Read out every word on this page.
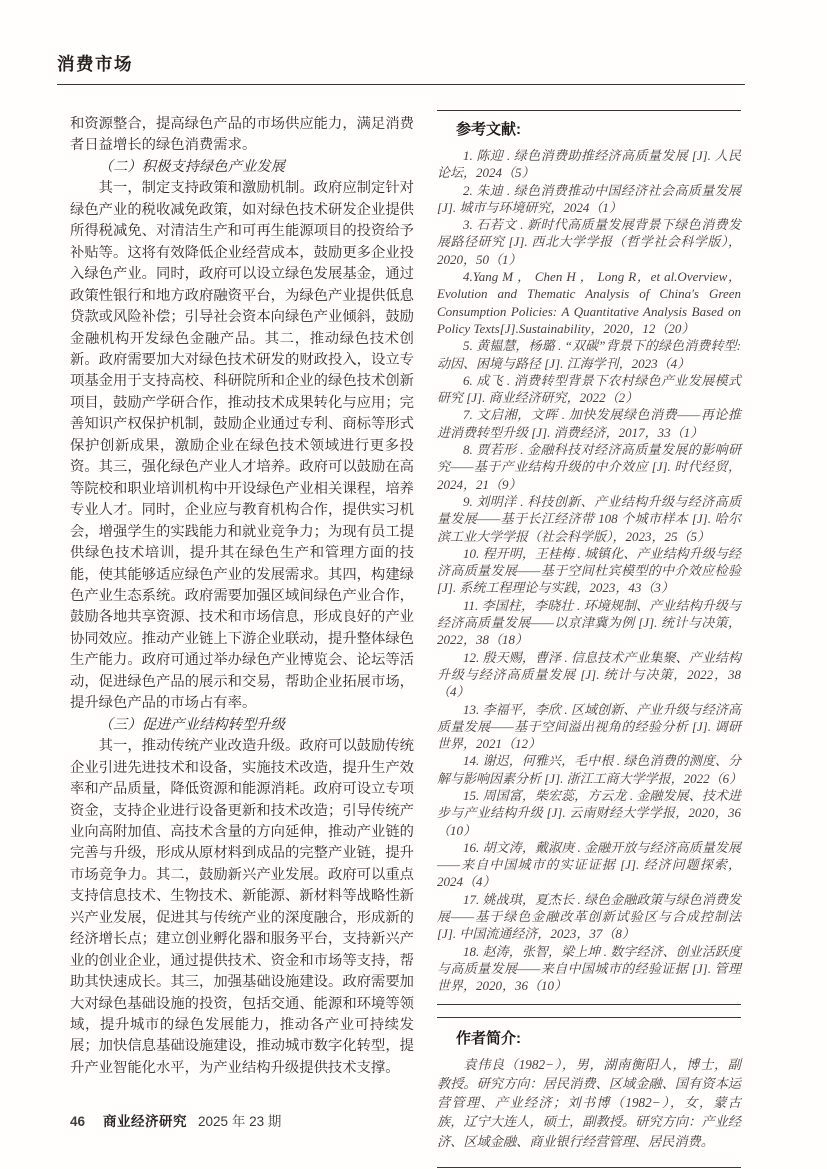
消费市场

和资源整合，提高绿色产品的市场供应能力，满足消费者日益增长的绿色消费需求。

（二）积极支持绿色产业发展

其一，制定支持政策和激励机制。政府应制定针对绿色产业的税收减免政策，如对绿色技术研发企业提供所得税减免、对清洁生产和可再生能源项目的投资给予补贴等。这将有效降低企业经营成本，鼓励更多企业投入绿色产业。同时，政府可以设立绿色发展基金，通过政策性银行和地方政府融资平台，为绿色产业提供低息贷款或风险补偿；引导社会资本向绿色产业倾斜，鼓励金融机构开发绿色金融产品。其二，推动绿色技术创新。政府需要加大对绿色技术研发的财政投入，设立专项基金用于支持高校、科研院所和企业的绿色技术创新项目，鼓励产学研合作，推动技术成果转化与应用；完善知识产权保护机制，鼓励企业通过专利、商标等形式保护创新成果，激励企业在绿色技术领域进行更多投资。其三，强化绿色产业人才培养。政府可以鼓励在高等院校和职业培训机构中开设绿色产业相关课程，培养专业人才。同时，企业应与教育机构合作，提供实习机会，增强学生的实践能力和就业竞争力；为现有员工提供绿色技术培训，提升其在绿色生产和管理方面的技能，使其能够适应绿色产业的发展需求。其四，构建绿色产业生态系统。政府需要加强区域间绿色产业合作，鼓励各地共享资源、技术和市场信息，形成良好的产业协同效应。推动产业链上下游企业联动，提升整体绿色生产能力。政府可通过举办绿色产业博览会、论坛等活动，促进绿色产品的展示和交易，帮助企业拓展市场，提升绿色产品的市场占有率。

（三）促进产业结构转型升级

其一，推动传统产业改造升级。政府可以鼓励传统企业引进先进技术和设备，实施技术改造，提升生产效率和产品质量，降低资源和能源消耗。政府可设立专项资金，支持企业进行设备更新和技术改造；引导传统产业向高附加值、高技术含量的方向延伸，推动产业链的完善与升级，形成从原材料到成品的完整产业链，提升市场竞争力。其二，鼓励新兴产业发展。政府可以重点支持信息技术、生物技术、新能源、新材料等战略性新兴产业发展，促进其与传统产业的深度融合，形成新的经济增长点；建立创业孵化器和服务平台，支持新兴产业的创业企业，通过提供技术、资金和市场等支持，帮助其快速成长。其三，加强基础设施建设。政府需要加大对绿色基础设施的投资，包括交通、能源和环境等领域，提升城市的绿色发展能力，推动各产业可持续发展；加快信息基础设施建设，推动城市数字化转型，提升产业智能化水平，为产业结构升级提供技术支撑。

参考文献:

1. 陈迎 . 绿色消费助推经济高质量发展 [J]. 人民论坛，2024（5）

2. 朱迪 . 绿色消费推动中国经济社会高质量发展 [J]. 城市与环境研究，2024（1）

3. 石若文 . 新时代高质量发展背景下绿色消费发展路径研究 [J]. 西北大学学报（哲学社会科学版），2020，50（1）

4.Yang M ， Chen H ， Long R，et al.Overview，Evolution and Thematic Analysis of China's Green Consumption Policies: A Quantitative Analysis Based on Policy Texts[J].Sustainability，2020，12（20）

5. 黄韫慧，杨璐 . “双碳”背景下的绿色消费转型: 动因、困境与路径 [J]. 江海学刊，2023（4）

6. 成飞 . 消费转型背景下农村绿色产业发展模式研究 [J]. 商业经济研究，2022（2）

7. 文启湘，文晖 . 加快发展绿色消费——再论推进消费转型升级 [J]. 消费经济，2017，33（1）

8. 贾若形 . 金融科技对经济高质量发展的影响研究——基于产业结构升级的中介效应 [J]. 时代经贸，2024，21（9）

9. 刘明洋 . 科技创新、产业结构升级与经济高质量发展——基于长江经济带 108 个城市样本 [J]. 哈尔滨工业大学学报（社会科学版），2023，25（5）

10. 程开明，王桂梅 . 城镇化、产业结构升级与经济高质量发展——基于空间杜宾模型的中介效应检验 [J]. 系统工程理论与实践，2023，43（3）

11. 李国柱，李晓壮 . 环境规制、产业结构升级与经济高质量发展——以京津冀为例 [J]. 统计与决策，2022，38（18）

12. 殷天赐，曹泽 . 信息技术产业集聚、产业结构升级与经济高质量发展 [J]. 统计与决策，2022，38（4）

13. 李福平，李欣 . 区域创新、产业升级与经济高质量发展——基于空间溢出视角的经验分析 [J]. 调研世界，2021（12）

14. 谢迟，何雅兴，毛中根 . 绿色消费的测度、分解与影响因素分析 [J]. 浙江工商大学学报，2022（6）

15. 周国富，柴宏蕊，方云龙 . 金融发展、技术进步与产业结构升级 [J]. 云南财经大学学报，2020，36（10）

16. 胡文涛，戴淑庚 . 金融开放与经济高质量发展——来自中国城市的实证证据 [J]. 经济问题探索，2024（4）

17. 姚战琪，夏杰长 . 绿色金融政策与绿色消费发展——基于绿色金融改革创新试验区与合成控制法 [J]. 中国流通经济，2023，37（8）

18. 赵涛，张智，梁上坤 . 数字经济、创业活跃度与高质量发展——来自中国城市的经验证据 [J]. 管理世界，2020，36（10）

作者简介:

袁伟良（1982−），男，湖南衡阳人，博士，副教授。研究方向：居民消费、区域金融、国有资本运营管理、产业经济；刘书博（1982−），女，蒙古族，辽宁大连人，硕士，副教授。研究方向：产业经济、区域金融、商业银行经营管理、居民消费。

46 商业经济研究 2025 年 23 期
